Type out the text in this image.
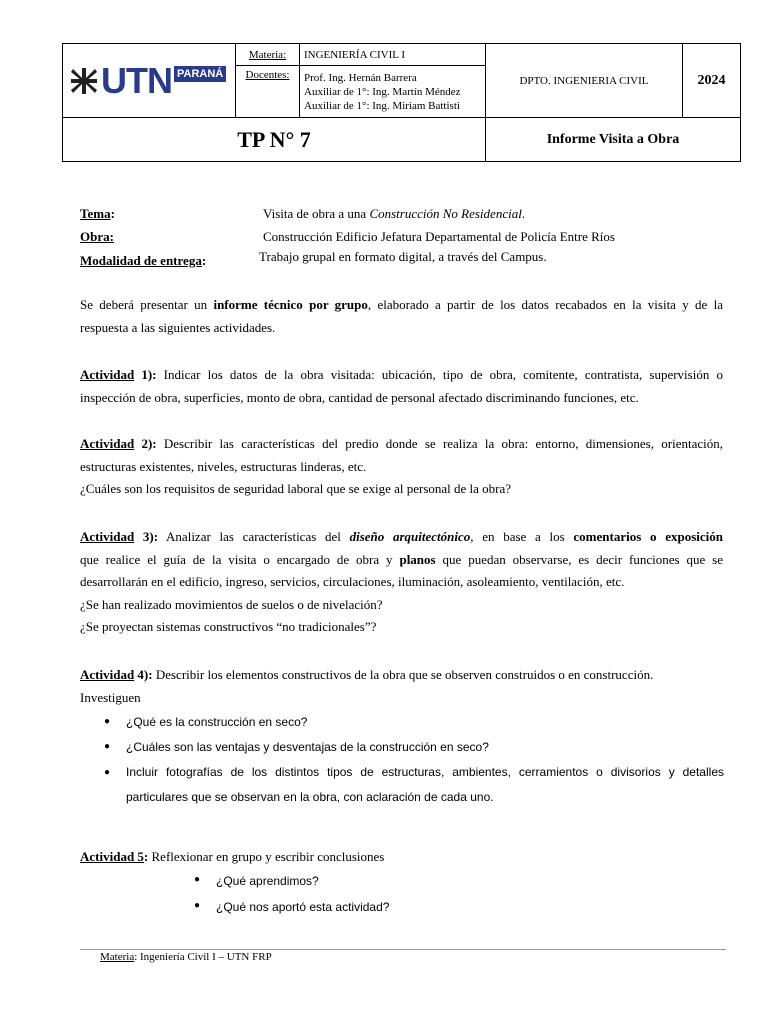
UTN PARANÁ	Materia:	INGENIERÍA CIVIL I	DPTO. INGENIERIA CIVIL	2024
	Docentes:	Prof. Ing. Hernán Barrera
Auxiliar de 1°: Ing. Martín Méndez
Auxiliar de 1°: Ing. Miriam Battisti		

TP N° 7			Informe Visita a Obra	
Tema:	Visita de obra a una Construcción No Residencial.
Obra:	Construcción Edificio Jefatura Departamental de Policía Entre Ríos
Modalidad de entrega:	Trabajo grupal en formato digital, a través del Campus.
Se deberá presentar un informe técnico por grupo, elaborado a partir de los datos recabados en la visita y de la
respuesta a las siguientes actividades.
Actividad 1): Indicar los datos de la obra visitada: ubicación, tipo de obra, comitente, contratista, supervisión o
inspección de obra, superficies, monto de obra, cantidad de personal afectado discriminando funciones, etc.
Actividad 2): Describir las características del predio donde se realiza la obra: entorno, dimensiones, orientación,
estructuras existentes, niveles, estructuras linderas, etc.
¿Cuáles son los requisitos de seguridad laboral que se exige al personal de la obra?
Actividad 3): Analizar las características del diseño arquitectónico, en base a los comentarios o exposición
que realice el guía de la visita o encargado de obra y planos que puedan observarse, es decir funciones que se
desarrollarán en el edificio, ingreso, servicios, circulaciones, iluminación, asoleamiento, ventilación, etc.
¿Se han realizado movimientos de suelos o de nivelación?
¿Se proyectan sistemas constructivos “no tradicionales”?
Actividad 4): Describir los elementos constructivos de la obra que se observen construidos o en construcción.
Investiguen
● ¿Qué es la construcción en seco?
● ¿Cuáles son las ventajas y desventajas de la construcción en seco?
● Incluir fotografías de los distintos tipos de estructuras, ambientes, cerramientos o divisorios y detalles
particulares que se observan en la obra, con aclaración de cada uno.
Actividad 5: Reflexionar en grupo y escribir conclusiones
● ¿Qué aprendimos?
● ¿Qué nos aportó esta actividad?
Materia: Ingeniería Civil I – UTN FRP
